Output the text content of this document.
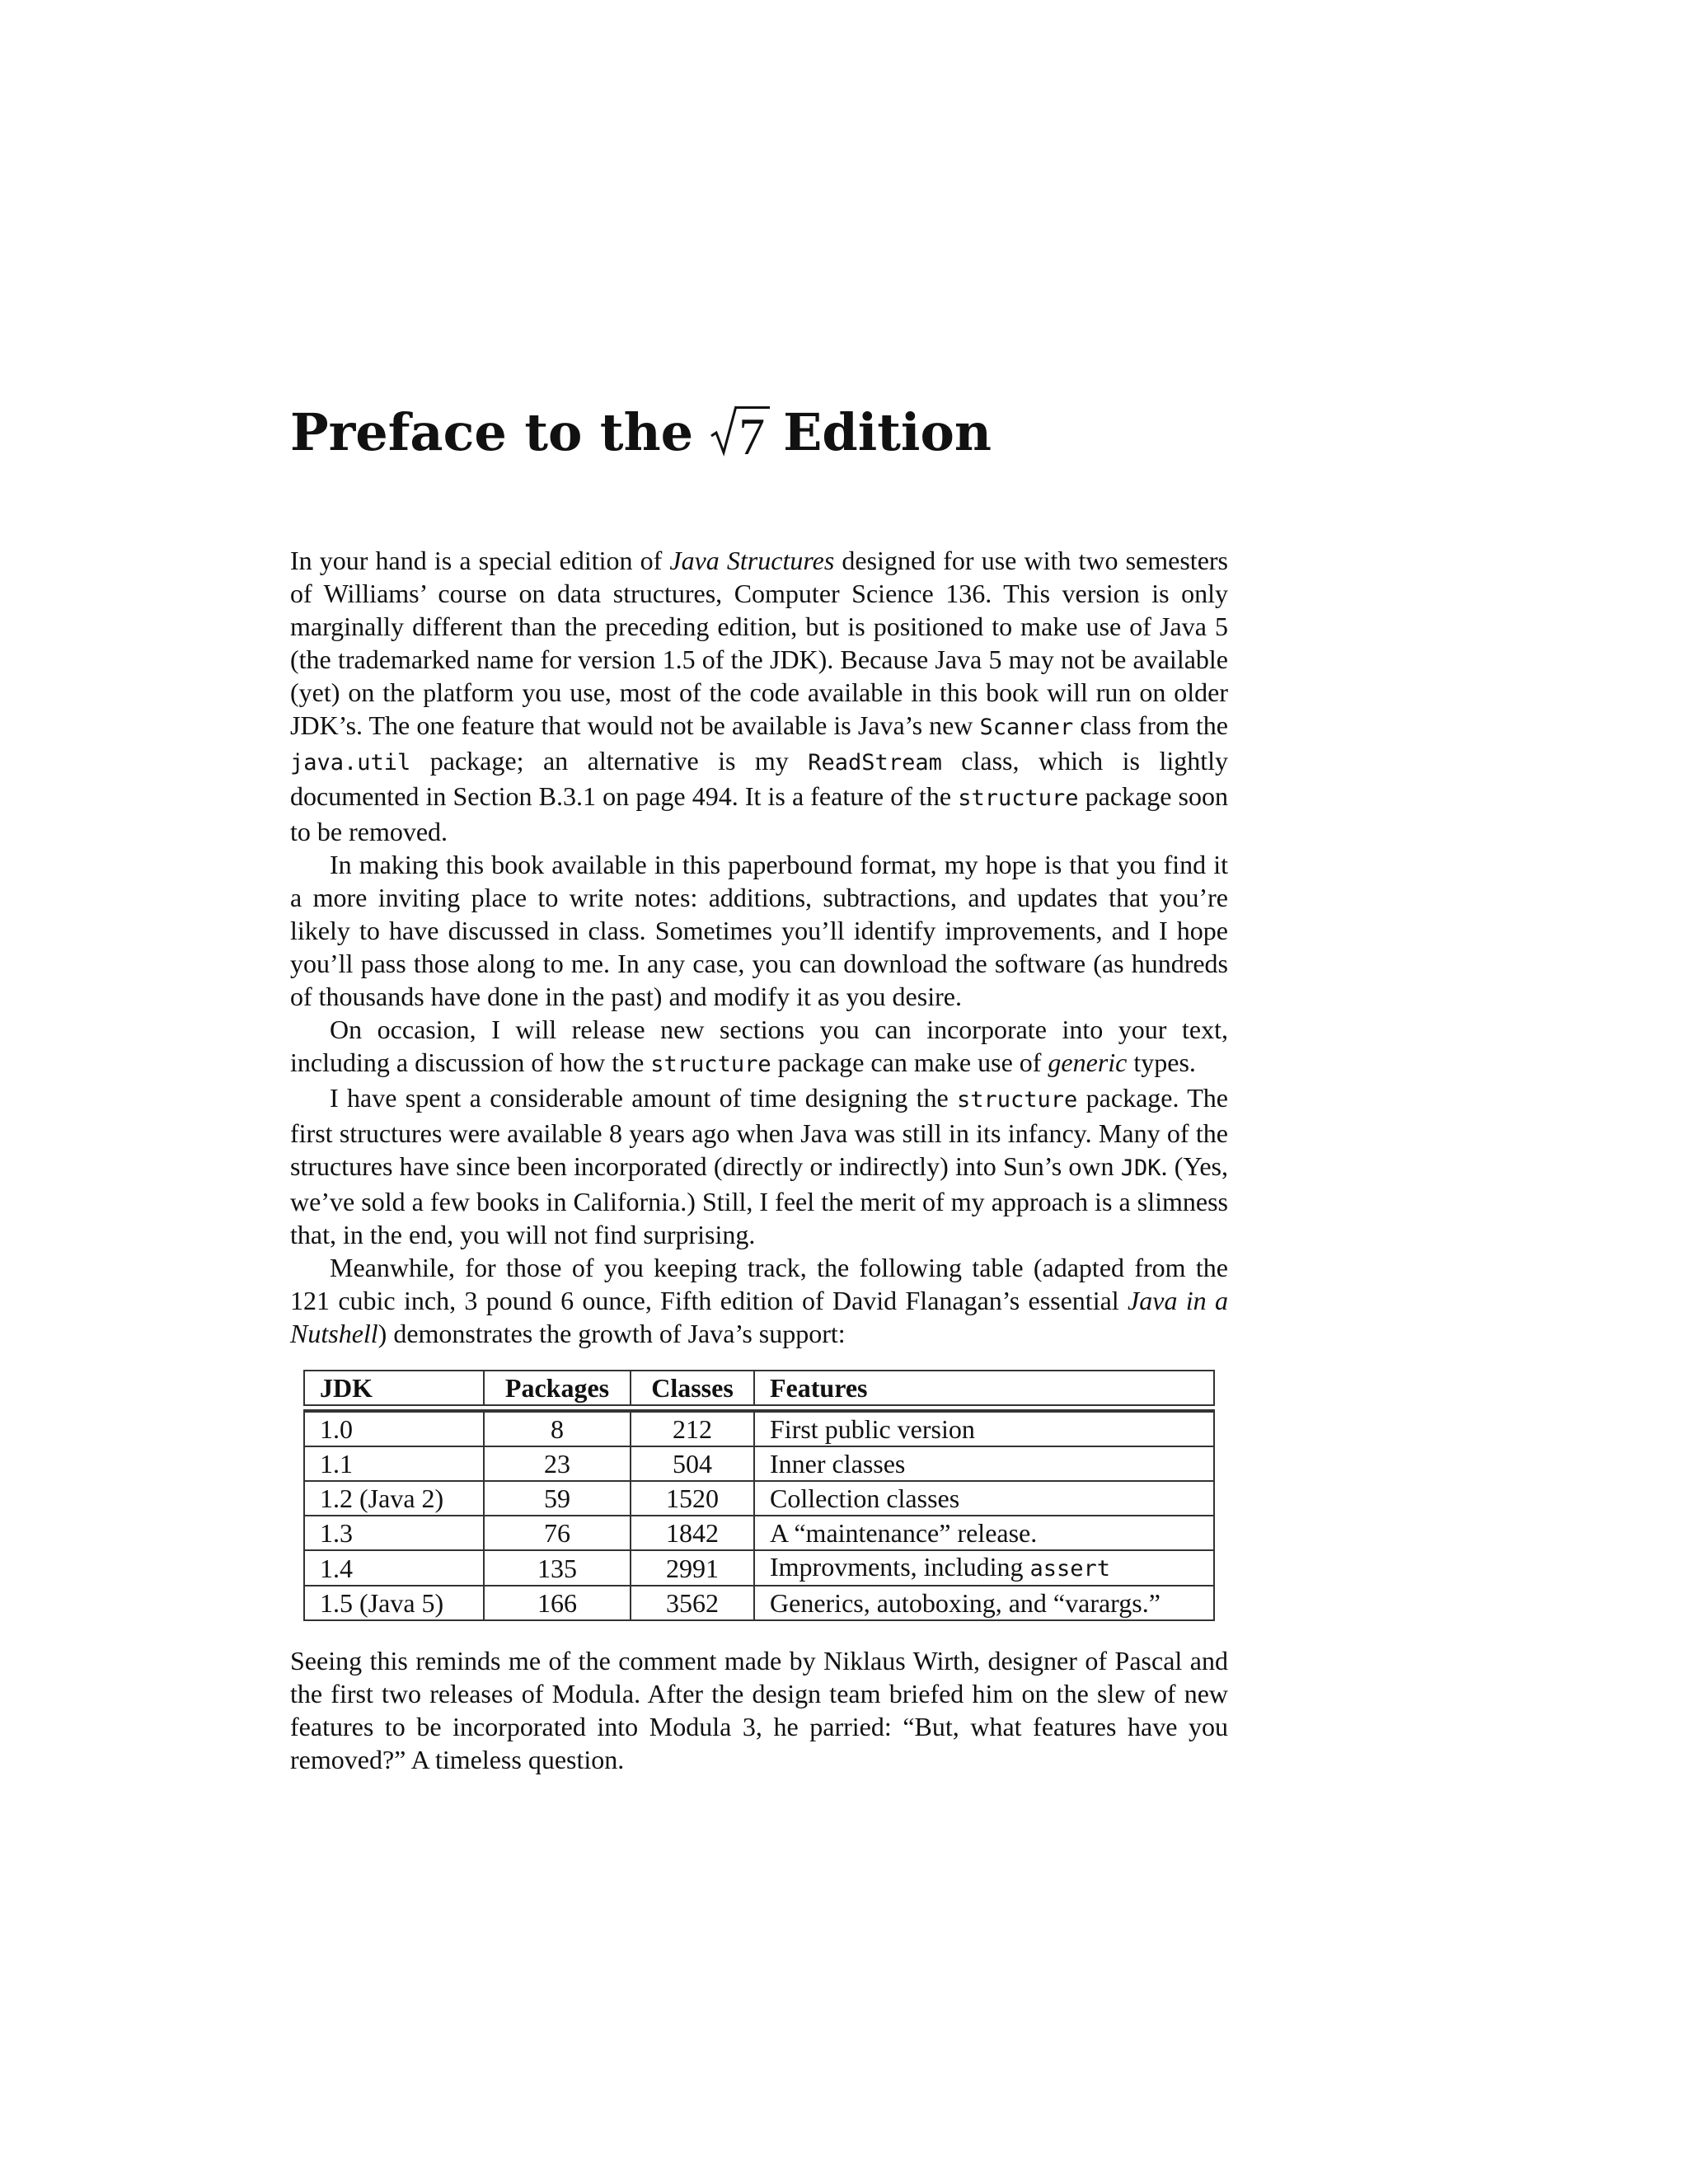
Preface to the 7 Edition

In your hand is a special edition of Java Structures designed for use with two semesters of Williams’ course on data structures, Computer Science 136. This version is only marginally different than the preceding edition, but is positioned to make use of Java 5 (the trademarked name for version 1.5 of the JDK). Because Java 5 may not be available (yet) on the platform you use, most of the code available in this book will run on older JDK’s. The one feature that would not be available is Java’s new Scanner class from the java.util package; an alternative is my ReadStream class, which is lightly documented in Section B.3.1 on page 494. It is a feature of the structure package soon to be removed.

In making this book available in this paperbound format, my hope is that you find it a more inviting place to write notes: additions, subtractions, and updates that you’re likely to have discussed in class. Sometimes you’ll identify improvements, and I hope you’ll pass those along to me. In any case, you can download the software (as hundreds of thousands have done in the past) and modify it as you desire.

On occasion, I will release new sections you can incorporate into your text, including a discussion of how the structure package can make use of generic types.

I have spent a considerable amount of time designing the structure package. The first structures were available 8 years ago when Java was still in its infancy. Many of the structures have since been incorporated (directly or indirectly) into Sun’s own JDK. (Yes, we’ve sold a few books in California.) Still, I feel the merit of my approach is a slimness that, in the end, you will not find surprising.

Meanwhile, for those of you keeping track, the following table (adapted from the 121 cubic inch, 3 pound 6 ounce, Fifth edition of David Flanagan’s essential Java in a Nutshell) demonstrates the growth of Java’s support:

JDK	Packages	Classes	Features

1.0	8	212	First public version
1.1	23	504	Inner classes
1.2 (Java 2)	59	1520	Collection classes
1.3	76	1842	A “maintenance” release.
1.4	135	2991	Improvments, including assert
1.5 (Java 5)	166	3562	Generics, autoboxing, and “varargs.”

Seeing this reminds me of the comment made by Niklaus Wirth, designer of Pascal and the first two releases of Modula. After the design team briefed him on the slew of new features to be incorporated into Modula 3, he parried: “But, what features have you removed?” A timeless question.
